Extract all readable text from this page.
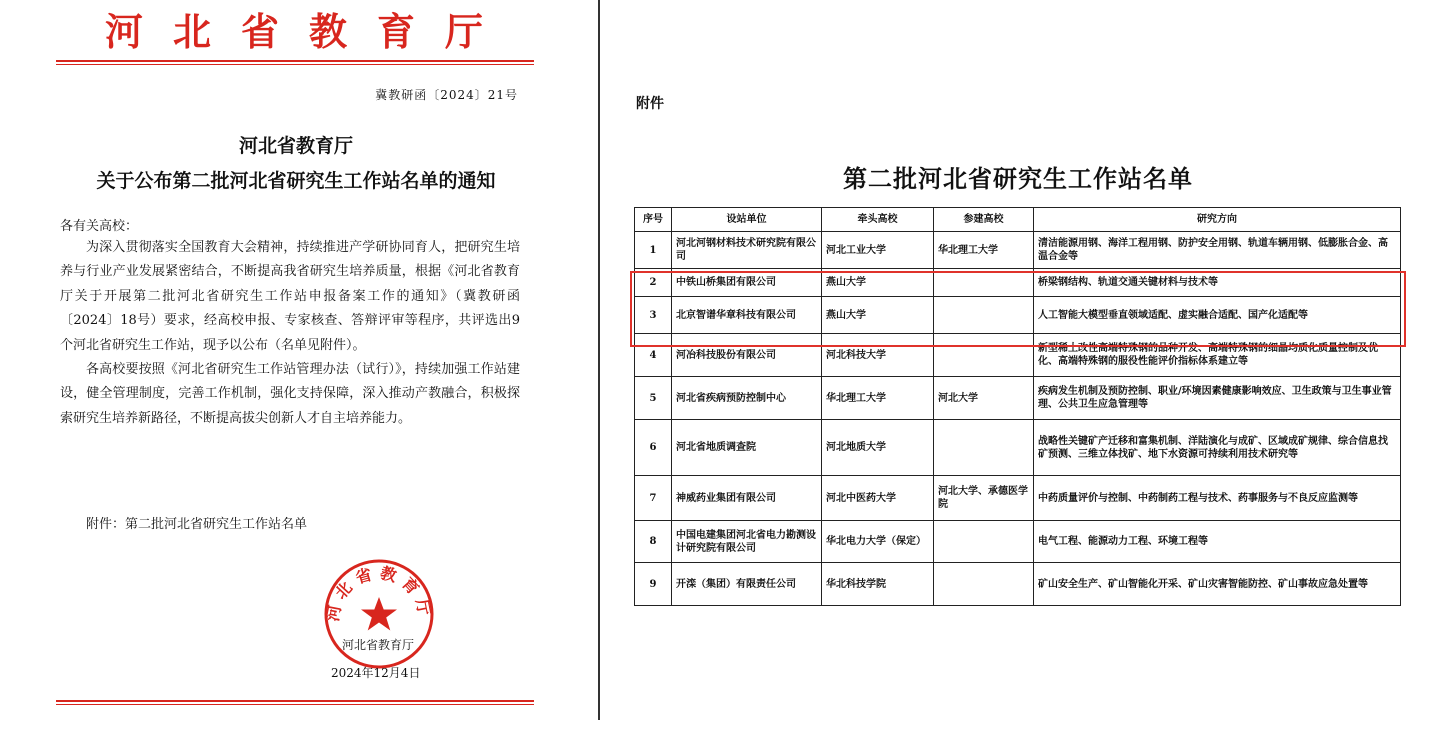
河北省教育厅
冀教研函〔2024〕21号
河北省教育厅
关于公布第二批河北省研究生工作站名单的通知
各有关高校：

为深入贯彻落实全国教育大会精神，持续推进产学研协同育人，把研究生培养与行业产业发展紧密结合，不断提高我省研究生培养质量，根据《河北省教育厅关于开展第二批河北省研究生工作站申报备案工作的通知》（冀教研函〔2024〕18号）要求，经高校申报、专家核查、答辩评审等程序，共评选出9个河北省研究生工作站，现予以公布（名单见附件）。

各高校要按照《河北省研究生工作站管理办法（试行）》，持续加强工作站建设，健全管理制度，完善工作机制，强化支持保障，深入推动产教融合，积极探索研究生培养新路径，不断提高拔尖创新人才自主培养能力。

附件：第二批河北省研究生工作站名单
河北省教育厅
河北省教育厅
2024年12月4日
附件
第二批河北省研究生工作站名单
序号	设站单位	牵头高校	参建高校	研究方向
1	河北河钢材料技术研究院有限公司	河北工业大学	华北理工大学	清洁能源用钢、海洋工程用钢、防护安全用钢、轨道车辆用钢、低膨胀合金、高温合金等
2	中铁山桥集团有限公司	燕山大学		桥梁钢结构、轨道交通关键材料与技术等
3	北京智谱华章科技有限公司	燕山大学		人工智能大模型垂直领域适配、虚实融合适配、国产化适配等
4	河冶科技股份有限公司	河北科技大学		新型稀土改性高端特殊钢的品种开发、高端特殊钢的细晶均质化质量控制及优化、高端特殊钢的服役性能评价指标体系建立等
5	河北省疾病预防控制中心	华北理工大学	河北大学	疾病发生机制及预防控制、职业/环境因素健康影响效应、卫生政策与卫生事业管理、公共卫生应急管理等
6	河北省地质调查院	河北地质大学		战略性关键矿产迁移和富集机制、洋陆演化与成矿、区域成矿规律、综合信息找矿预测、三维立体找矿、地下水资源可持续利用技术研究等
7	神威药业集团有限公司	河北中医药大学	河北大学、承德医学院	中药质量评价与控制、中药制药工程与技术、药事服务与不良反应监测等
8	中国电建集团河北省电力勘测设计研究院有限公司	华北电力大学（保定）		电气工程、能源动力工程、环境工程等
9	开滦（集团）有限责任公司	华北科技学院		矿山安全生产、矿山智能化开采、矿山灾害智能防控、矿山事故应急处置等
